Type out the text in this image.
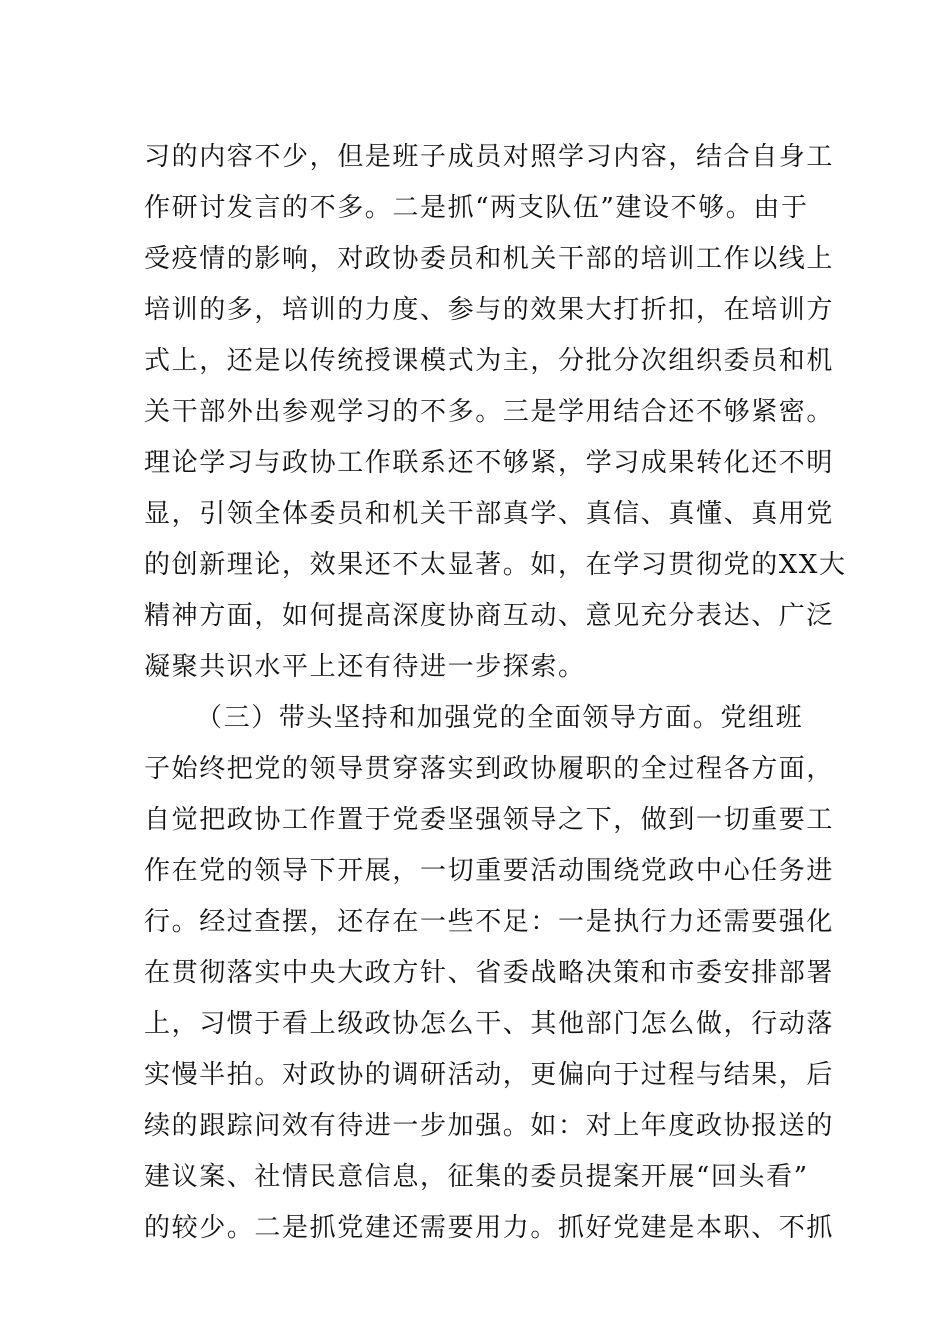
习的内容不少，但是班子成员对照学习内容，结合自身工
作研讨发言的不多。二是抓“两支队伍”建设不够。由于
受疫情的影响，对政协委员和机关干部的培训工作以线上
培训的多，培训的力度、参与的效果大打折扣，在培训方
式上，还是以传统授课模式为主，分批分次组织委员和机
关干部外出参观学习的不多。三是学用结合还不够紧密。
理论学习与政协工作联系还不够紧，学习成果转化还不明
显，引领全体委员和机关干部真学、真信、真懂、真用党
的创新理论，效果还不太显著。如，在学习贯彻党的XX大
精神方面，如何提高深度协商互动、意见充分表达、广泛
凝聚共识水平上还有待进一步探索。
（三）带头坚持和加强党的全面领导方面。党组班
子始终把党的领导贯穿落实到政协履职的全过程各方面，
自觉把政协工作置于党委坚强领导之下，做到一切重要工
作在党的领导下开展，一切重要活动围绕党政中心任务进
行。经过查摆，还存在一些不足：一是执行力还需要强化
在贯彻落实中央大政方针、省委战略决策和市委安排部署
上，习惯于看上级政协怎么干、其他部门怎么做，行动落
实慢半拍。对政协的调研活动，更偏向于过程与结果，后
续的跟踪问效有待进一步加强。如：对上年度政协报送的
建议案、社情民意信息，征集的委员提案开展“回头看”
的较少。二是抓党建还需要用力。抓好党建是本职、不抓
